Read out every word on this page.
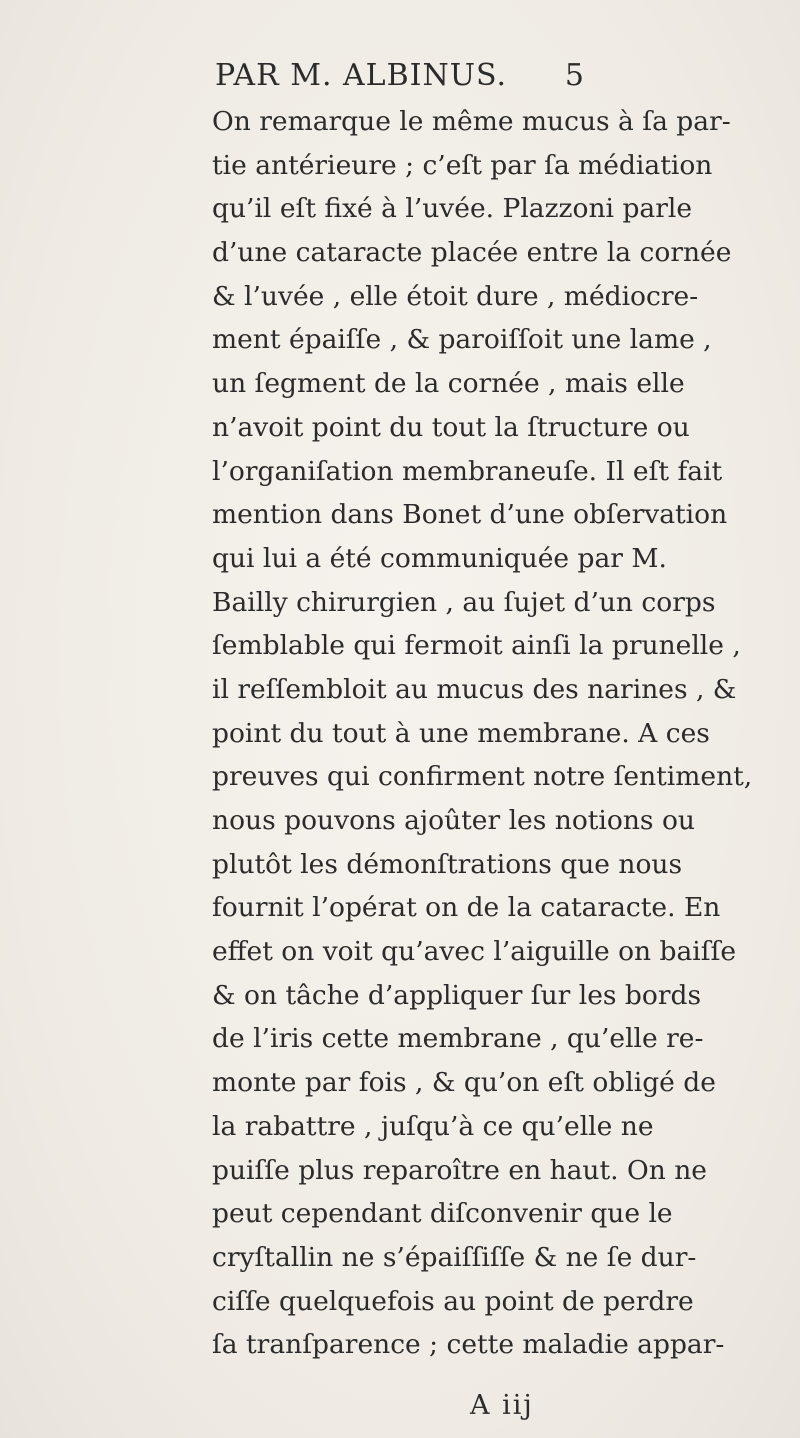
PAR M. ALBINUS. 5
On remarque le même mucus à ſa par-
tie antérieure ; c’eſt par ſa médiation
qu’il eſt fixé à l’uvée. Plazzoni parle
d’une cataracte placée entre la cornée
& l’uvée , elle étoit dure , médiocre-
ment épaiſſe , & paroiſſoit une lame ,
un ſegment de la cornée , mais elle
n’avoit point du tout la ſtructure ou
l’organiſation membraneuſe. Il eſt fait
mention dans Bonet d’une obſervation
qui lui a été communiquée par M.
Bailly chirurgien , au ſujet d’un corps
ſemblable qui fermoit ainſi la prunelle ,
il reſſembloit au mucus des narines , &
point du tout à une membrane. A ces
preuves qui confirment notre ſentiment,
nous pouvons ajoûter les notions ou
plutôt les démonſtrations que nous
fournit l’opérat on de la cataracte. En
effet on voit qu’avec l’aiguille on baiſſe
& on tâche d’appliquer ſur les bords
de l’iris cette membrane , qu’elle re-
monte par fois , & qu’on eſt obligé de
la rabattre , juſqu’à ce qu’elle ne
puiſſe plus reparoître en haut. On ne
peut cependant diſconvenir que le
cryſtallin ne s’épaiſſiſſe & ne ſe dur-
ciſſe quelquefois au point de perdre
ſa tranſparence ; cette maladie appar-
A iij
